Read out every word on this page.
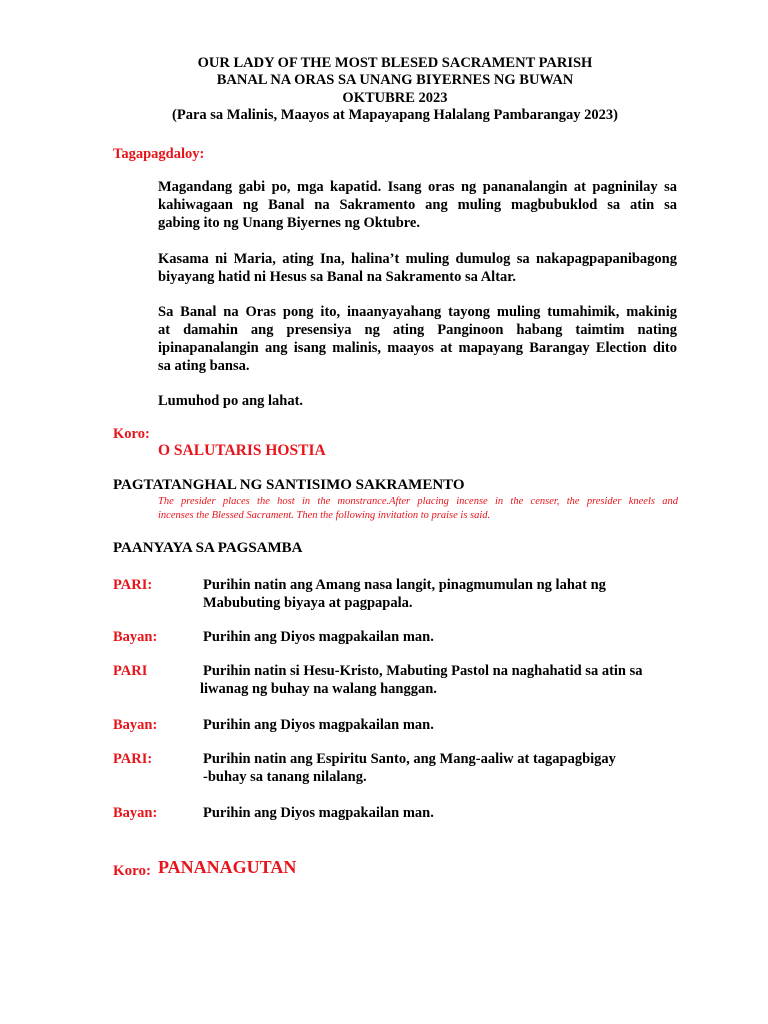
OUR LADY OF THE MOST BLESED SACRAMENT PARISH
BANAL NA ORAS SA UNANG BIYERNES NG BUWAN
OKTUBRE 2023
(Para sa Malinis, Maayos at Mapayapang Halalang Pambarangay 2023)
Tagapagdaloy:
Magandang gabi po, mga kapatid. Isang oras ng pananalangin at pagninilay sa
kahiwagaan ng Banal na Sakramento ang muling magbubuklod sa atin sa
gabing ito ng Unang Biyernes ng Oktubre.
Kasama ni Maria, ating Ina, halina’t muling dumulog sa nakapagpapanibagong
biyayang hatid ni Hesus sa Banal na Sakramento sa Altar.
Sa Banal na Oras pong ito, inaanyayahang tayong muling tumahimik, makinig
at damahin ang presensiya ng ating Panginoon habang taimtim nating
ipinapanalangin ang isang malinis, maayos at mapayang Barangay Election dito
sa ating bansa.
Lumuhod po ang lahat.
Koro:
O SALUTARIS HOSTIA
PAGTATANGHAL NG SANTISIMO SAKRAMENTO
The presider places the host in the monstrance.After placing incense in the censer, the presider kneels and
incenses the Blessed Sacrament. Then the following invitation to praise is said.
PAANYAYA SA PAGSAMBA
PARI:	Purihin natin ang Amang nasa langit, pinagmumulan ng lahat ng
Mabubuting biyaya at pagpapala.
Bayan:	Purihin ang Diyos magpakailan man.
PARI	Purihin natin si Hesu-Kristo, Mabuting Pastol na naghahatid sa atin sa
liwanag ng buhay na walang hanggan.
Bayan:	Purihin ang Diyos magpakailan man.
PARI:	Purihin natin ang Espiritu Santo, ang Mang-aaliw at tagapagbigay
-buhay sa tanang nilalang.
Bayan:	Purihin ang Diyos magpakailan man.
Koro: PANANAGUTAN
